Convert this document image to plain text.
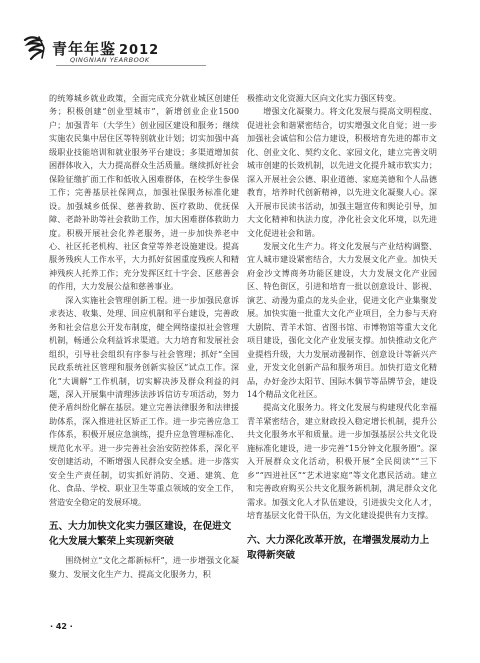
青年年鉴 2012
QINGNIAN YEARBOOK

的统筹城乡就业政策，全面完成充分就业城区创建任务；积极创建“创业型城市”，新增创业企业1500户；加强青年（大学生）创业园区建设和服务；继续实施农民集中居住区等特别就业计划；切实加强中高级职业技能培训和就业服务平台建设；多渠道增加贫困群体收入，大力提高群众生活质量。继续抓好社会保险征缴扩面工作和低收入困难群体，在校学生参保工作；完善基层社保网点，加强社保服务标准化建设。加强城乡低保、慈善救助、医疗救助、优抚保障、老龄补助等社会救助工作，加大困难群体救助力度。积极开展社会化养老服务，进一步加快养老中心、社区托老机构、社区食堂等养老设施建设。提高服务残疾人工作水平，大力抓好贫困重度残疾人和精神残疾人托养工作；充分发挥区红十字会、区慈善会的作用，大力发展公益和慈善事业。

深入实施社会管理创新工程。进一步加强民意诉求表达、收集、处理、回应机制和平台建设，完善政务和社会信息公开发布制度，健全网络虚拟社会管理机制，畅通公众利益诉求渠道。大力培育和发展社会组织，引导社会组织有序参与社会管理；抓好“全国民政系统社区管理和服务创新实验区”试点工作。深化“大调解”工作机制，切实解决涉及群众利益的问题，深入开展集中清理涉法涉诉信访专项活动，努力使矛盾纠纷化解在基层。建立完善法律服务和法律援助体系，深入推进社区矫正工作。进一步完善应急工作体系，积极开展应急演练，提升应急管理标准化、规范化水平。进一步完善社会治安防控体系，深化平安创建活动，不断增强人民群众安全感。进一步落实安全生产责任制，切实抓好消防、交通、建筑、危化、食品、学校、职业卫生等重点领域的安全工作，营造安全稳定的发展环境。

五、大力加快文化实力强区建设，在促进文化大发展大繁荣上实现新突破

围绕树立“文化之都新标杆”，进一步增强文化凝聚力、发展文化生产力、提高文化服务力，积

极推动文化资源大区向文化实力强区转变。

增强文化凝聚力。将文化发展与提高文明程度、促进社会和谐紧密结合，切实增强文化自觉；进一步加强社会诚信和公信力建设，积极培育先进的都市文化、创业文化、契约文化、家园文化，建立完善文明城市创建的长效机制，以先进文化提升城市软实力；深入开展社会公德、职业道德、家庭美德和个人品德教育，培养时代创新精神，以先进文化凝聚人心。深入开展市民读书活动，加强主题宣传和舆论引导，加大文化精神和执法力度，净化社会文化环境，以先进文化促进社会和谐。

发展文化生产力。将文化发展与产业结构调整、宜人城市建设紧密结合，大力发展文化产业。加快天府金沙文博商务功能区建设，大力发展文化产业园区、特色街区，引进和培育一批以创意设计、影视、演艺、动漫为重点的龙头企业，促进文化产业集聚发展。加快实施一批重大文化产业项目，全力参与天府大剧院、青羊术馆、省图书馆、市博物馆等重大文化项目建设，强化文化产业发展支撑。加快推动文化产业提档升级，大力发展动漫制作、创意设计等新兴产业，开发文化创新产品和服务项目。加快打造文化精品，办好金沙太阳节、国际木偶节等品牌节会，建设14个精品文化社区。

提高文化服务力。将文化发展与构建现代化幸福青羊紧密结合，建立财政投入稳定增长机制，提升公共文化服务水平和质量。进一步加强基层公共文化设施标准化建设，进一步完善“15分钟文化服务圈”。深入开展群众文化活动，积极开展“全民阅读”“三下乡”“四进社区”“艺术进家庭”等文化惠民活动。建立和完善政府购买公共文化服务新机制，满足群众文化需求。加强文化人才队伍建设，引进拔尖文化人才，培育基层文化骨干队伍，为文化建设提供有力支撑。

六、大力深化改革开放，在增强发展动力上取得新突破
· 42 ·
